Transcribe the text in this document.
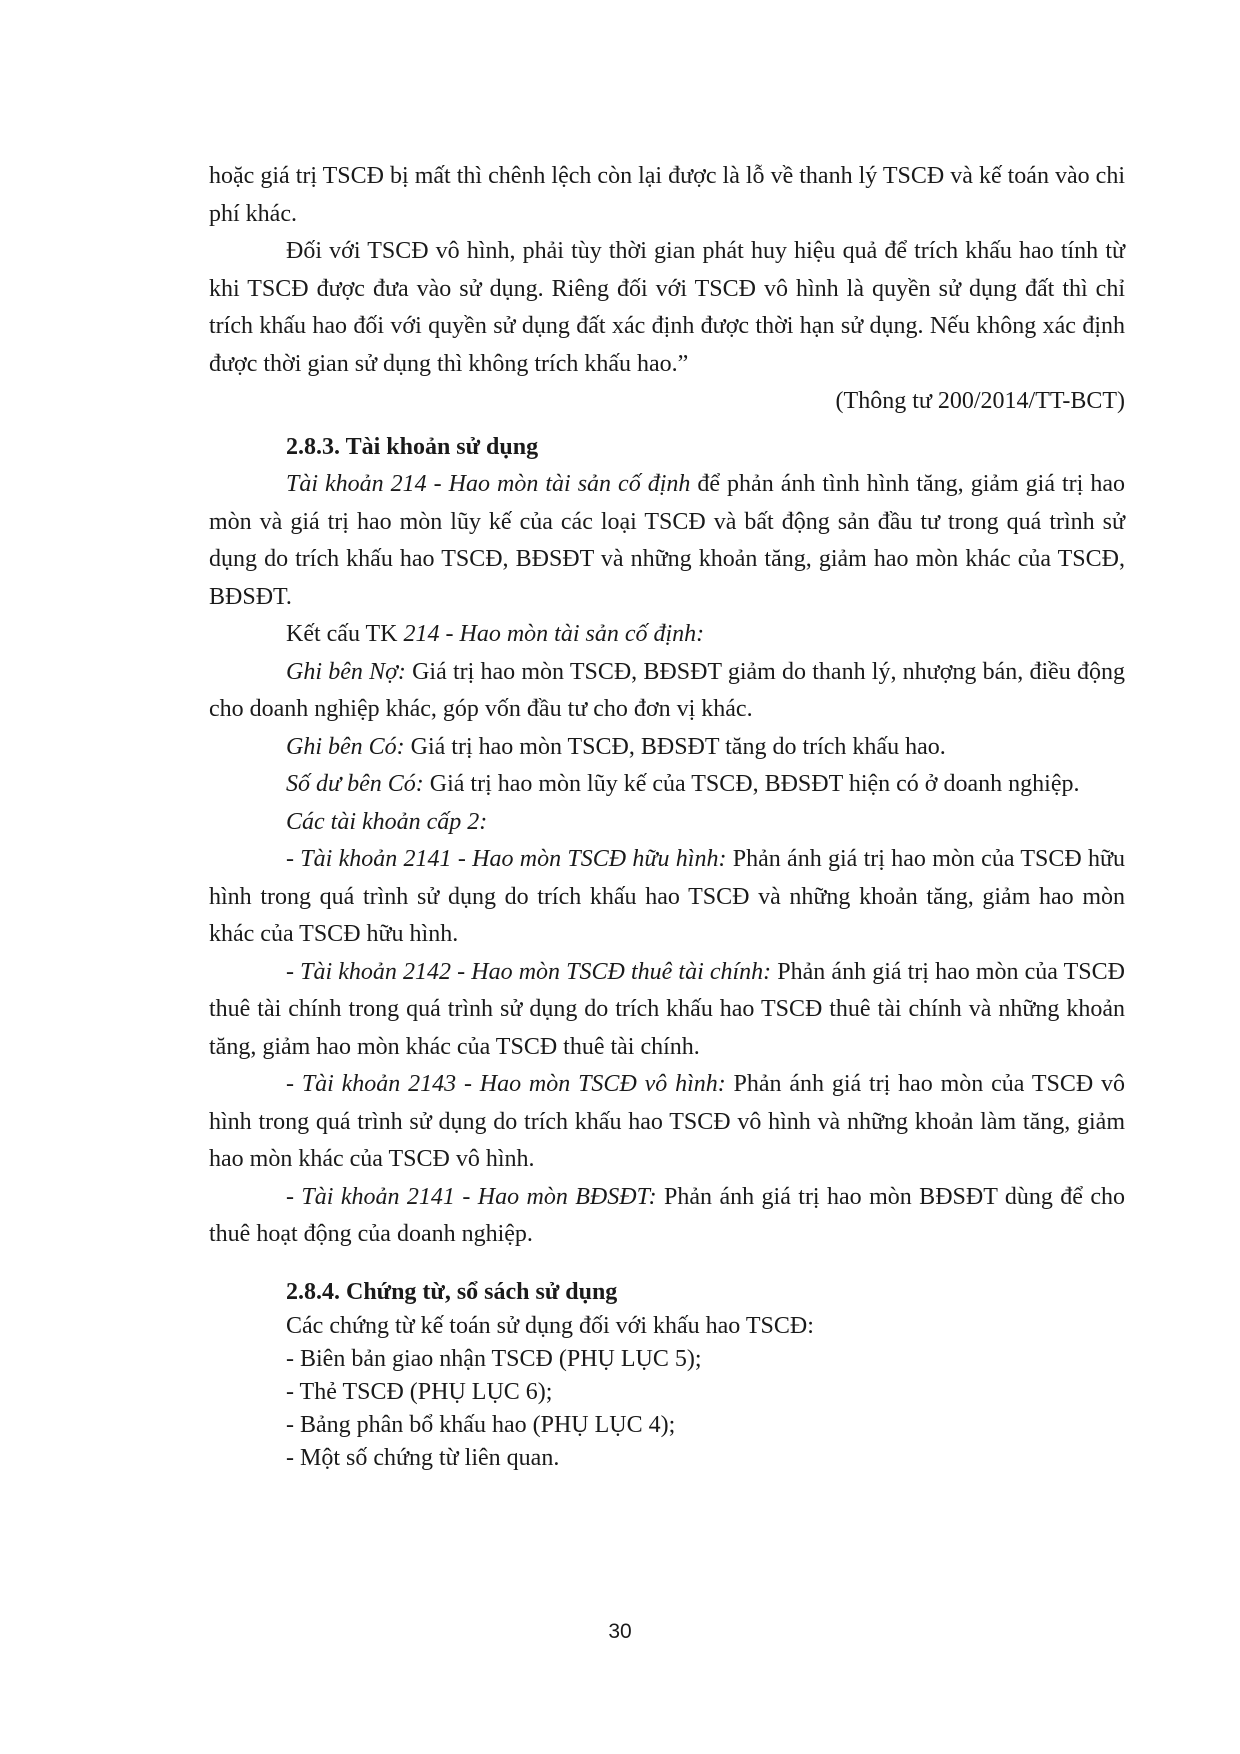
hoặc giá trị TSCĐ bị mất thì chênh lệch còn lại được là lỗ về thanh lý TSCĐ và kế toán vào chi phí khác.

Đối với TSCĐ vô hình, phải tùy thời gian phát huy hiệu quả để trích khấu hao tính từ khi TSCĐ được đưa vào sử dụng. Riêng đối với TSCĐ vô hình là quyền sử dụng đất thì chỉ trích khấu hao đối với quyền sử dụng đất xác định được thời hạn sử dụng. Nếu không xác định được thời gian sử dụng thì không trích khấu hao.”

(Thông tư 200/2014/TT-BCT)

2.8.3. Tài khoản sử dụng

Tài khoản 214 - Hao mòn tài sản cố định để phản ánh tình hình tăng, giảm giá trị hao mòn và giá trị hao mòn lũy kế của các loại TSCĐ và bất động sản đầu tư trong quá trình sử dụng do trích khấu hao TSCĐ, BĐSĐT và những khoản tăng, giảm hao mòn khác của TSCĐ, BĐSĐT.

Kết cấu TK 214 - Hao mòn tài sản cố định:

Ghi bên Nợ: Giá trị hao mòn TSCĐ, BĐSĐT giảm do thanh lý, nhượng bán, điều động cho doanh nghiệp khác, góp vốn đầu tư cho đơn vị khác.

Ghi bên Có: Giá trị hao mòn TSCĐ, BĐSĐT tăng do trích khấu hao.

Số dư bên Có: Giá trị hao mòn lũy kế của TSCĐ, BĐSĐT hiện có ở doanh nghiệp.

Các tài khoản cấp 2:

- Tài khoản 2141 - Hao mòn TSCĐ hữu hình: Phản ánh giá trị hao mòn của TSCĐ hữu hình trong quá trình sử dụng do trích khấu hao TSCĐ và những khoản tăng, giảm hao mòn khác của TSCĐ hữu hình.

- Tài khoản 2142 - Hao mòn TSCĐ thuê tài chính: Phản ánh giá trị hao mòn của TSCĐ thuê tài chính trong quá trình sử dụng do trích khấu hao TSCĐ thuê tài chính và những khoản tăng, giảm hao mòn khác của TSCĐ thuê tài chính.

- Tài khoản 2143 - Hao mòn TSCĐ vô hình: Phản ánh giá trị hao mòn của TSCĐ vô hình trong quá trình sử dụng do trích khấu hao TSCĐ vô hình và những khoản làm tăng, giảm hao mòn khác của TSCĐ vô hình.

- Tài khoản 2141 - Hao mòn BĐSĐT: Phản ánh giá trị hao mòn BĐSĐT dùng để cho thuê hoạt động của doanh nghiệp.

2.8.4. Chứng từ, sổ sách sử dụng

Các chứng từ kế toán sử dụng đối với khấu hao TSCĐ:

- Biên bản giao nhận TSCĐ (PHỤ LỤC 5);

- Thẻ TSCĐ (PHỤ LỤC 6);

- Bảng phân bổ khấu hao (PHỤ LỤC 4);

- Một số chứng từ liên quan.

30
